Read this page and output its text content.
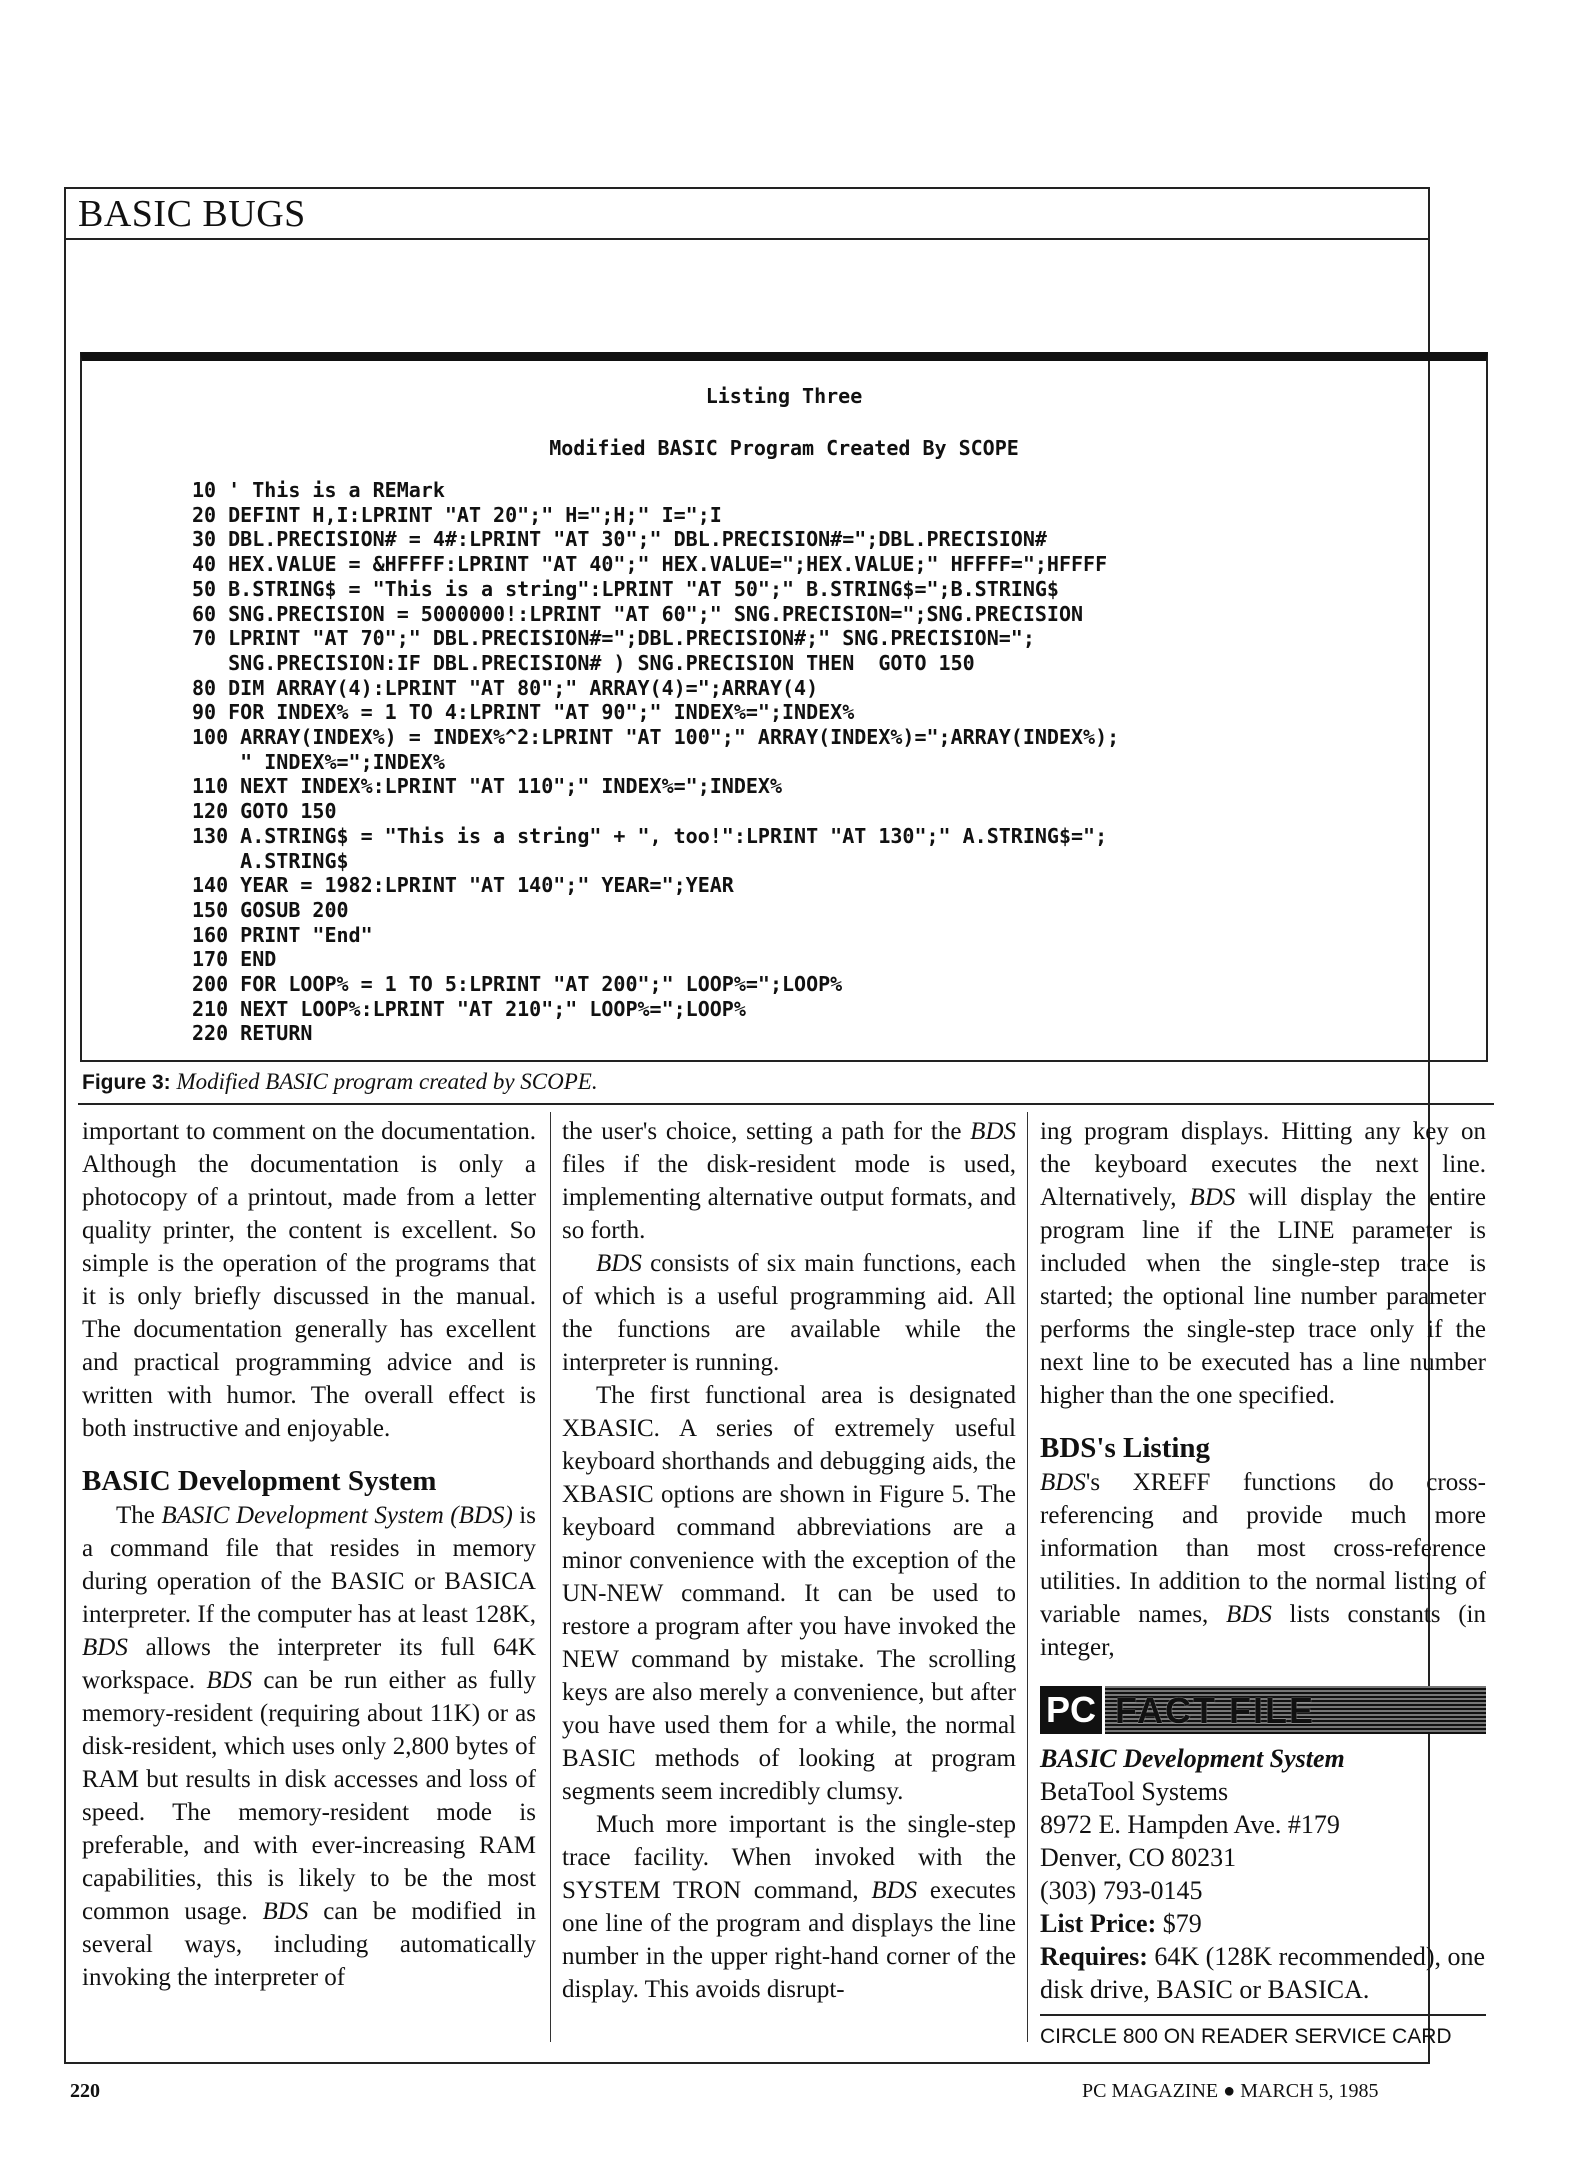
BASIC BUGS
Listing Three
Modified BASIC Program Created By SCOPE
10 ' This is a REMark
20 DEFINT H,I:LPRINT "AT 20";" H=";H;" I=";I
30 DBL.PRECISION# = 4#:LPRINT "AT 30";" DBL.PRECISION#=";DBL.PRECISION#
40 HEX.VALUE = &HFFFF:LPRINT "AT 40";" HEX.VALUE=";HEX.VALUE;" HFFFF=";HFFFF
50 B.STRING$ = "This is a string":LPRINT "AT 50";" B.STRING$=";B.STRING$
60 SNG.PRECISION = 5000000!:LPRINT "AT 60";" SNG.PRECISION=";SNG.PRECISION
70 LPRINT "AT 70";" DBL.PRECISION#=";DBL.PRECISION#;" SNG.PRECISION=";
SNG.PRECISION:IF DBL.PRECISION# ) SNG.PRECISION THEN  GOTO 150
80 DIM ARRAY(4):LPRINT "AT 80";" ARRAY(4)=";ARRAY(4)
90 FOR INDEX% = 1 TO 4:LPRINT "AT 90";" INDEX%=";INDEX%
100 ARRAY(INDEX%) = INDEX%^2:LPRINT "AT 100";" ARRAY(INDEX%)=";ARRAY(INDEX%);
" INDEX%=";INDEX%
110 NEXT INDEX%:LPRINT "AT 110";" INDEX%=";INDEX%
120 GOTO 150
130 A.STRING$ = "This is a string" + ", too!":LPRINT "AT 130";" A.STRING$=";
A.STRING$
140 YEAR = 1982:LPRINT "AT 140";" YEAR=";YEAR
150 GOSUB 200
160 PRINT "End"
170 END
200 FOR LOOP% = 1 TO 5:LPRINT "AT 200";" LOOP%=";LOOP%
210 NEXT LOOP%:LPRINT "AT 210";" LOOP%=";LOOP%
220 RETURN
Figure 3: Modified BASIC program created by SCOPE.

important to comment on the documentation. Although the documentation is only a photocopy of a printout, made from a letter quality printer, the content is excellent. So simple is the operation of the programs that it is only briefly discussed in the manual. The documentation generally has excellent and practical programming advice and is written with humor. The overall effect is both instructive and enjoyable.

BASIC Development System

The BASIC Development System (BDS) is a command file that resides in memory during operation of the BASIC or BASICA interpreter. If the computer has at least 128K, BDS allows the interpreter its full 64K workspace. BDS can be run either as fully memory-resident (requiring about 11K) or as disk-resident, which uses only 2,800 bytes of RAM but results in disk accesses and loss of speed. The memory-resident mode is preferable, and with ever-increasing RAM capabilities, this is likely to be the most common usage. BDS can be modified in several ways, including automatically invoking the interpreter of

the user's choice, setting a path for the BDS files if the disk-resident mode is used, implementing alternative output formats, and so forth.

BDS consists of six main functions, each of which is a useful programming aid. All the functions are available while the interpreter is running.

The first functional area is designated XBASIC. A series of extremely useful keyboard shorthands and debugging aids, the XBASIC options are shown in Figure 5. The keyboard command abbreviations are a minor convenience with the exception of the UN-NEW command. It can be used to restore a program after you have invoked the NEW command by mistake. The scrolling keys are also merely a convenience, but after you have used them for a while, the normal BASIC methods of looking at program segments seem incredibly clumsy.

Much more important is the single-step trace facility. When invoked with the SYSTEM TRON command, BDS executes one line of the program and displays the line number in the upper right-hand corner of the display. This avoids disrupt-

ing program displays. Hitting any key on the keyboard executes the next line. Alternatively, BDS will display the entire program line if the LINE parameter is included when the single-step trace is started; the optional line number parameter performs the single-step trace only if the next line to be executed has a line number higher than the one specified.

BDS's Listing

BDS's XREFF functions do cross-referencing and provide much more information than most cross-reference utilities. In addition to the normal listing of variable names, BDS lists constants (in integer,

PC FACT FILE
BASIC Development System
BetaTool Systems
8972 E. Hampden Ave. #179
Denver, CO 80231
(303) 793-0145
List Price: $79
Requires: 64K (128K recommended), one disk drive, BASIC or BASICA.
CIRCLE 800 ON READER SERVICE CARD
220	PC MAGAZINE ● MARCH 5, 1985
